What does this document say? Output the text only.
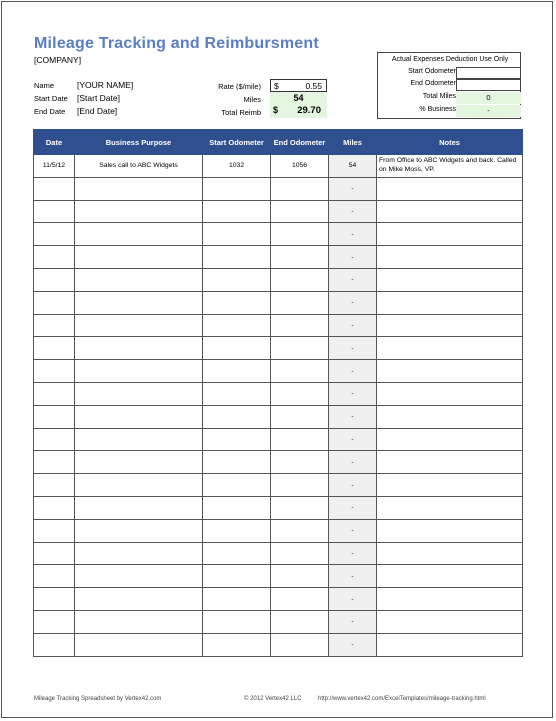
Mileage Tracking and Reimbursment
[COMPANY]
Name	[YOUR NAME]
Start Date [Start Date]
End Date [End Date]
Rate ($/mile) $	0.55
Miles	54
Total Reimb $ 29.70
Actual Expenses Deduction Use Only
Start Odometer
End Odometer
Total Miles	0
% Business	-
Date	Business Purpose	Start Odometer	End Odometer	Miles	Notes
11/5/12	Sales call to ABC Widgets	1032	1056	54	From Office to ABC Widgets and back. Called on Mike Moss, VP.
				-	
				-	
				-	
				-	
				-	
				-	
				-	
				-	
				-	
				-	
				-	
				-	
				-	
				-	
				-	
				-	
				-	
				-	
				-	
				-	
				-	
Mileage Tracking Spreadsheet by Vertex42.com	© 2012 Vertex42 LLC	http://www.vertex42.com/ExcelTemplates/mileage-tracking.html
